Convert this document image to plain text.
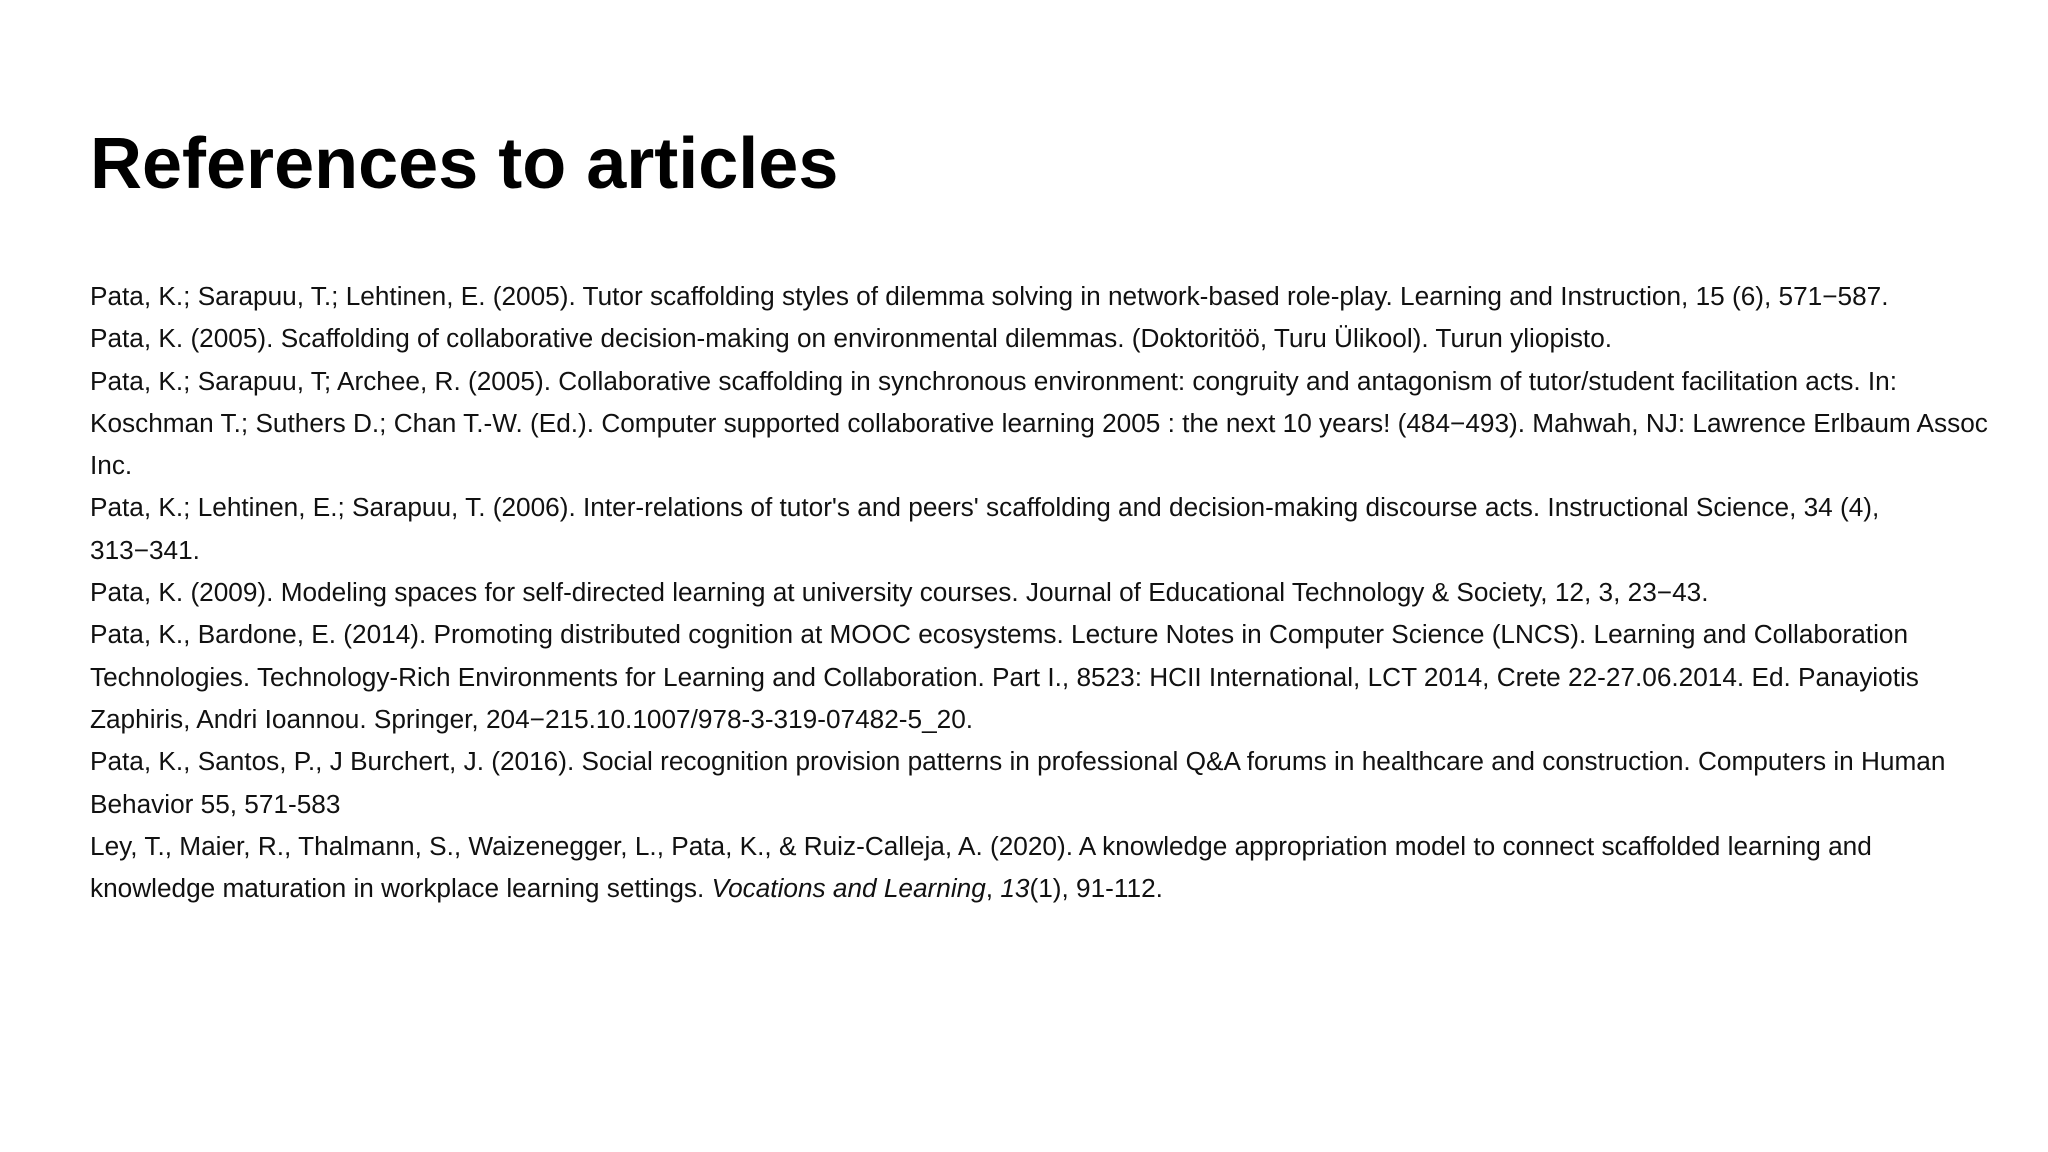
References to articles
Pata, K.; Sarapuu, T.; Lehtinen, E. (2005). Tutor scaffolding styles of dilemma solving in network-based role-play. Learning and Instruction, 15 (6), 571−587.
Pata, K. (2005). Scaffolding of collaborative decision-making on environmental dilemmas. (Doktoritöö, Turu Ülikool). Turun yliopisto.
Pata, K.; Sarapuu, T; Archee, R. (2005). Collaborative scaffolding in synchronous environment: congruity and antagonism of tutor/student facilitation acts. In: Koschman T.; Suthers D.; Chan T.-W. (Ed.). Computer supported collaborative learning 2005 : the next 10 years! (484−493). Mahwah, NJ: Lawrence Erlbaum Assoc Inc.
Pata, K.; Lehtinen, E.; Sarapuu, T. (2006). Inter-relations of tutor's and peers' scaffolding and decision-making discourse acts. Instructional Science, 34 (4), 313−341.
Pata, K. (2009). Modeling spaces for self-directed learning at university courses. Journal of Educational Technology & Society, 12, 3, 23−43.
Pata, K., Bardone, E. (2014). Promoting distributed cognition at MOOC ecosystems. Lecture Notes in Computer Science (LNCS). Learning and Collaboration Technologies. Technology-Rich Environments for Learning and Collaboration. Part I., 8523: HCII International, LCT 2014, Crete 22-27.06.2014. Ed. Panayiotis Zaphiris, Andri Ioannou. Springer, 204−215.10.1007/978-3-319-07482-5_20.
Pata, K., Santos, P., J Burchert, J. (2016). Social recognition provision patterns in professional Q&A forums in healthcare and construction. Computers in Human Behavior 55, 571-583
Ley, T., Maier, R., Thalmann, S., Waizenegger, L., Pata, K., & Ruiz-Calleja, A. (2020). A knowledge appropriation model to connect scaffolded learning and knowledge maturation in workplace learning settings. Vocations and Learning, 13(1), 91-112.
